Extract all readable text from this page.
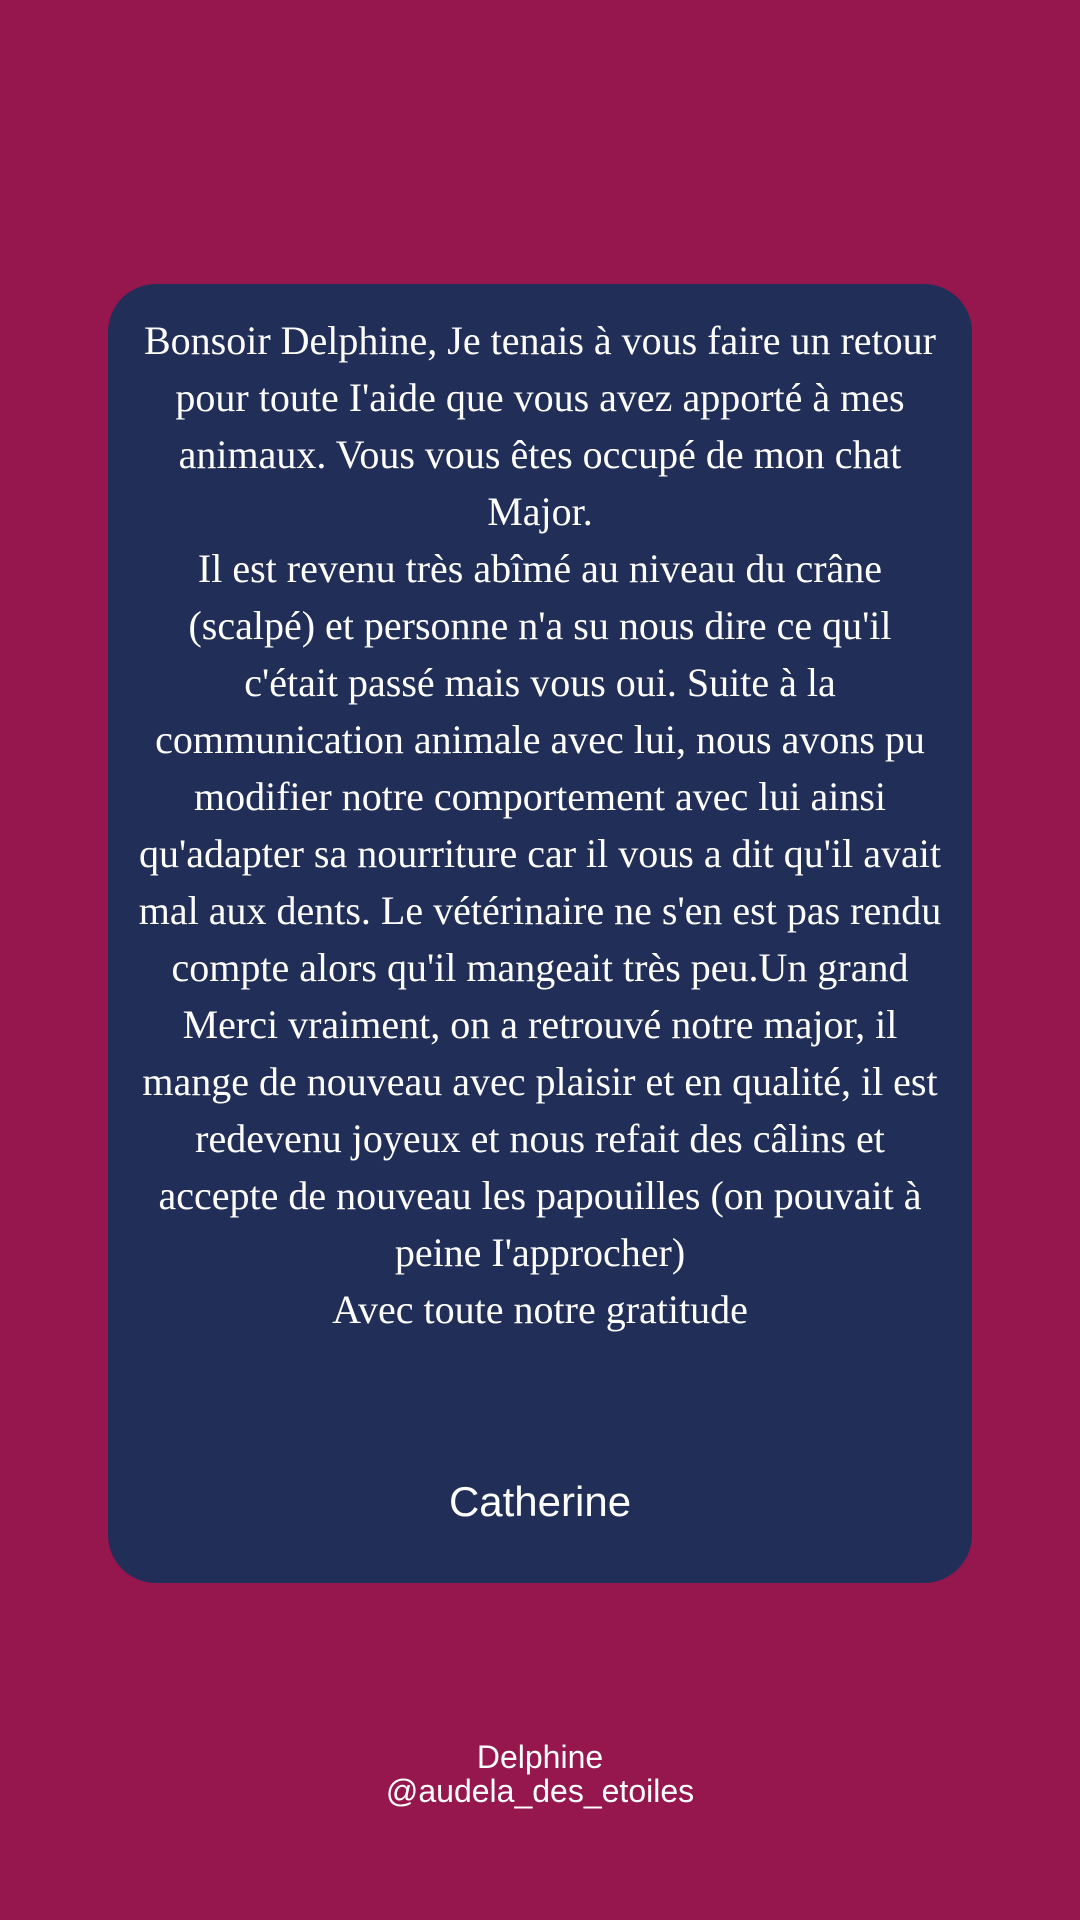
Bonsoir Delphine, Je tenais à vous faire un retour pour toute I'aide que vous avez apporté à mes
animaux. Vous vous êtes occupé de mon chat Major.
Il est revenu très abîmé au niveau du crâne (scalpé) et personne n'a su nous dire ce qu'il c'était passé mais vous oui. Suite à la communication animale avec lui, nous avons pu modifier notre comportement avec lui ainsi qu'adapter sa nourriture car il vous a dit qu'il avait mal aux dents. Le vétérinaire ne s'en est pas rendu compte alors qu'il mangeait très peu.Un grand Merci vraiment, on a retrouvé notre major, il mange de nouveau avec plaisir et en qualité, il est redevenu joyeux et nous refait des câlins et accepte de nouveau les papouilles (on pouvait à peine I'approcher)
Avec toute notre gratitude

Catherine
Delphine
@audela_des_etoiles
